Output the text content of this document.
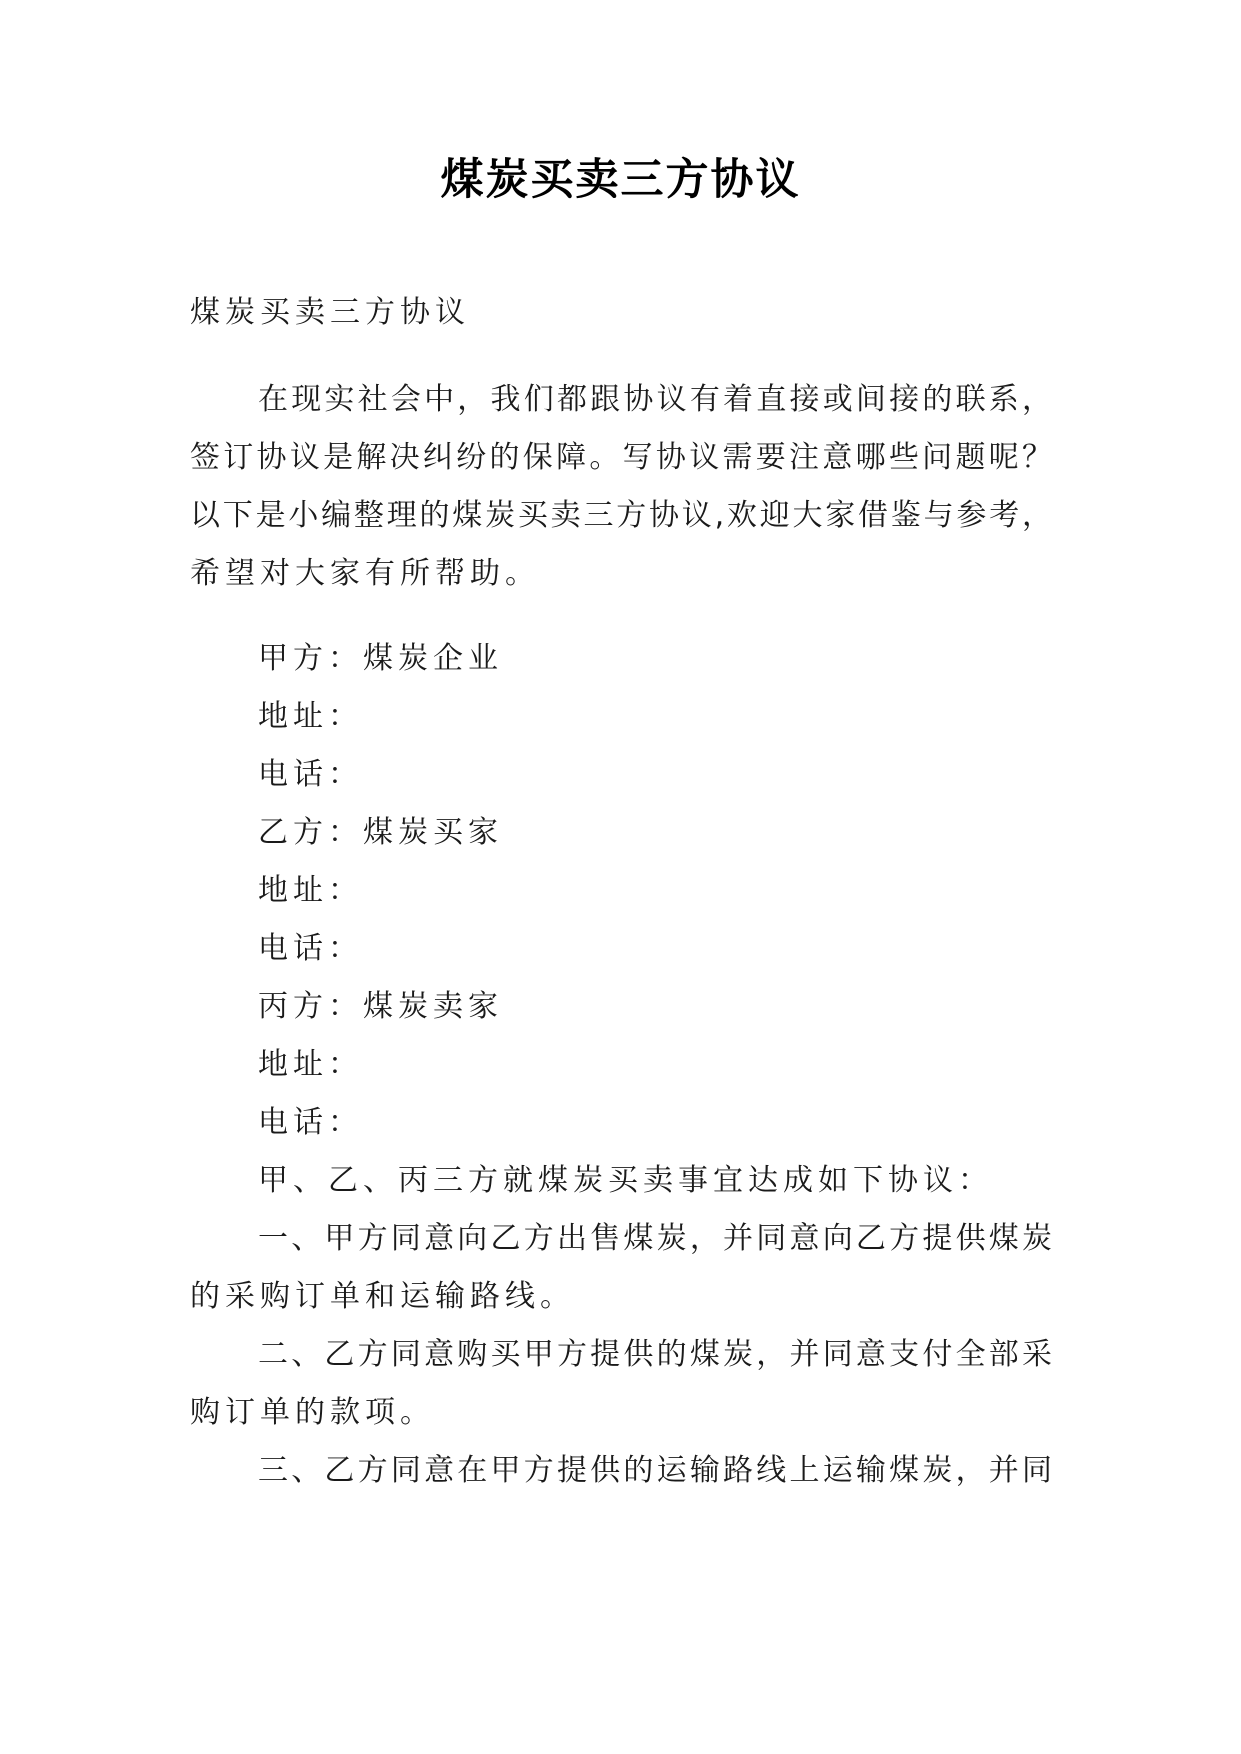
煤炭买卖三方协议
煤炭买卖三方协议
在现实社会中，我们都跟协议有着直接或间接的联系，
签订协议是解决纠纷的保障。写协议需要注意哪些问题呢？
以下是小编整理的煤炭买卖三方协议,欢迎大家借鉴与参考，
希望对大家有所帮助。
甲方：煤炭企业
地址：
电话：
乙方：煤炭买家
地址：
电话：
丙方：煤炭卖家
地址：
电话：
甲、乙、丙三方就煤炭买卖事宜达成如下协议：
一、甲方同意向乙方出售煤炭，并同意向乙方提供煤炭
的采购订单和运输路线。
二、乙方同意购买甲方提供的煤炭，并同意支付全部采
购订单的款项。
三、乙方同意在甲方提供的运输路线上运输煤炭，并同
